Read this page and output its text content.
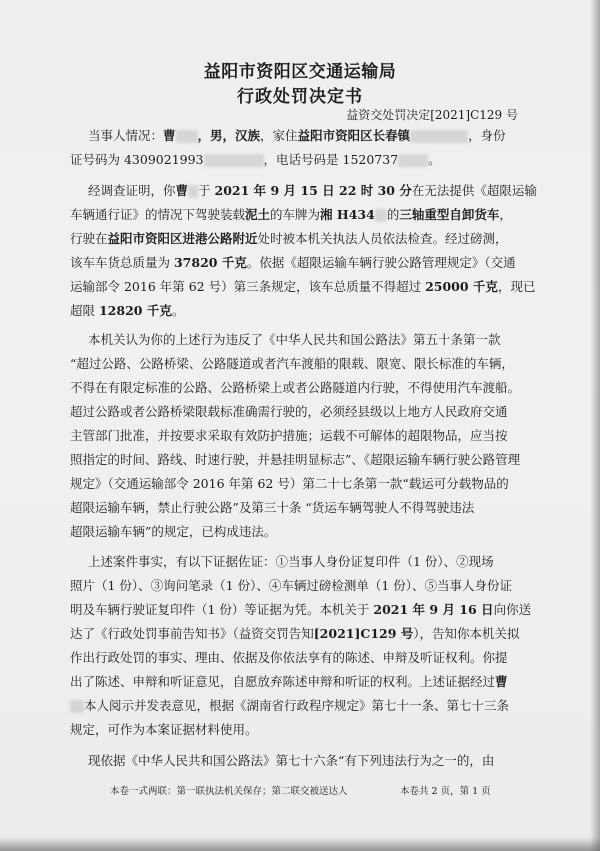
益阳市资阳区交通运输局
行政处罚决定书
益资交处罚决定[2021]C129 号
当事人情况：曹 ，男，汉族，家住益阳市资阳区长春镇	，身份
证号码为 4309021993	，电话号码是 1520737 。
经调查证明，你曹 于 2021 年 9 月 15 日 22 时 30 分在无法提供《超限运输
车辆通行证》的情况下驾驶装载泥土的车牌为湘 H434 的三轴重型自卸货车，
行驶在益阳市资阳区进港公路附近处时被本机关执法人员依法检查。经过磅测，
该车车货总质量为 37820 千克。依据《超限运输车辆行驶公路管理规定》（交通
运输部令 2016 年第 62 号）第三条规定，该车总质量不得超过 25000 千克，现已
超限 12820 千克。
本机关认为你的上述行为违反了《中华人民共和国公路法》第五十条第一款
“超过公路、公路桥梁、公路隧道或者汽车渡船的限载、限宽、限长标准的车辆，
不得在有限定标准的公路、公路桥梁上或者公路隧道内行驶，不得使用汽车渡船。
超过公路或者公路桥梁限载标准确需行驶的，必须经县级以上地方人民政府交通
主管部门批准，并按要求采取有效防护措施；运载不可解体的超限物品，应当按
照指定的时间、路线、时速行驶，并悬挂明显标志”、《超限运输车辆行驶公路管理
规定》（交通运输部令 2016 年第 62 号）第二十七条第一款“载运可分载物品的
超限运输车辆，禁止行驶公路”及第三十条 “货运车辆驾驶人不得驾驶违法
超限运输车辆”的规定，已构成违法。
上述案件事实，有以下证据佐证：①当事人身份证复印件（1 份）、②现场
照片（1 份）、③询问笔录（1 份）、④车辆过磅检测单（1 份）、⑤当事人身份证
明及车辆行驶证复印件（1 份）等证据为凭。本机关于 2021 年 9 月 16 日向你送
达了《行政处罚事前告知书》（益资交罚告知[2021]C129 号），告知你本机关拟
作出行政处罚的事实、理由、依据及你依法享有的陈述、申辩及听证权利。你提
出了陈述、申辩和听证意见，自愿放弃陈述申辩和听证的权利。上述证据经过曹
本人阅示并发表意见，根据《湖南省行政程序规定》第七十一条、第七十三条
规定，可作为本案证据材料使用。
现依据《中华人民共和国公路法》第七十六条“有下列违法行为之一的，由
本卷一式两联：第一联执法机关保存；第二联交被送达人	本卷共 2 页，第 1 页
